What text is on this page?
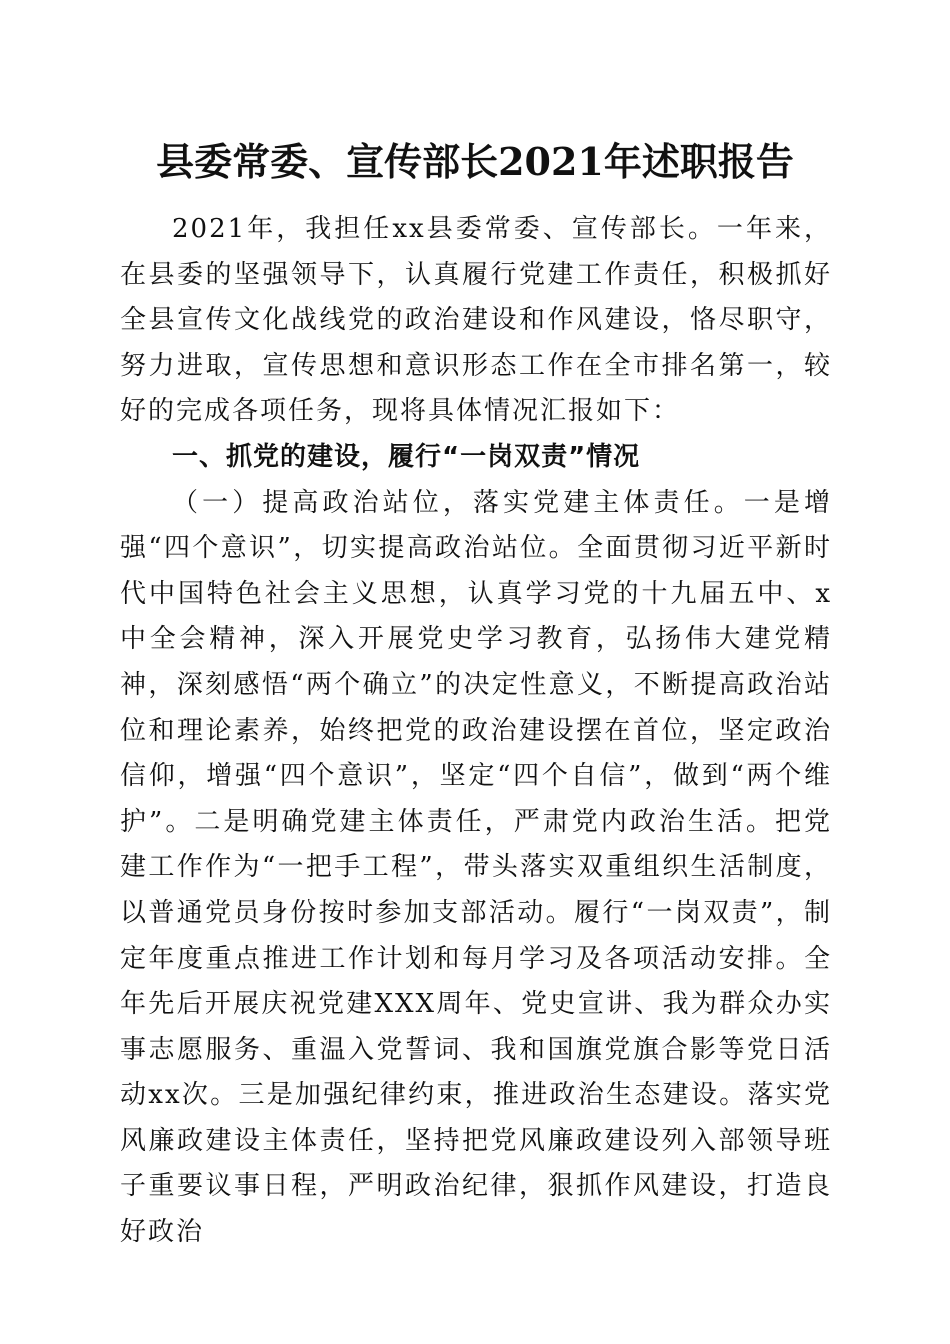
县委常委、宣传部长2021年述职报告

2021年，我担任xx县委常委、宣传部长。一年来，在县委的坚强领导下，认真履行党建工作责任，积极抓好全县宣传文化战线党的政治建设和作风建设，恪尽职守，努力进取，宣传思想和意识形态工作在全市排名第一，较好的完成各项任务，现将具体情况汇报如下：

一、抓党的建设，履行“一岗双责”情况

（一）提高政治站位，落实党建主体责任。一是增强“四个意识”，切实提高政治站位。全面贯彻习近平新时代中国特色社会主义思想，认真学习党的十九届五中、x中全会精神，深入开展党史学习教育，弘扬伟大建党精神，深刻感悟“两个确立”的决定性意义，不断提高政治站位和理论素养，始终把党的政治建设摆在首位，坚定政治信仰，增强“四个意识”，坚定“四个自信”，做到“两个维护”。二是明确党建主体责任，严肃党内政治生活。把党建工作作为“一把手工程”，带头落实双重组织生活制度，以普通党员身份按时参加支部活动。履行“一岗双责”，制定年度重点推进工作计划和每月学习及各项活动安排。全年先后开展庆祝党建XXX周年、党史宣讲、我为群众办实事志愿服务、重温入党誓词、我和国旗党旗合影等党日活动xx次。三是加强纪律约束，推进政治生态建设。落实党风廉政建设主体责任，坚持把党风廉政建设列入部领导班子重要议事日程，严明政治纪律，狠抓作风建设，打造良好政治
